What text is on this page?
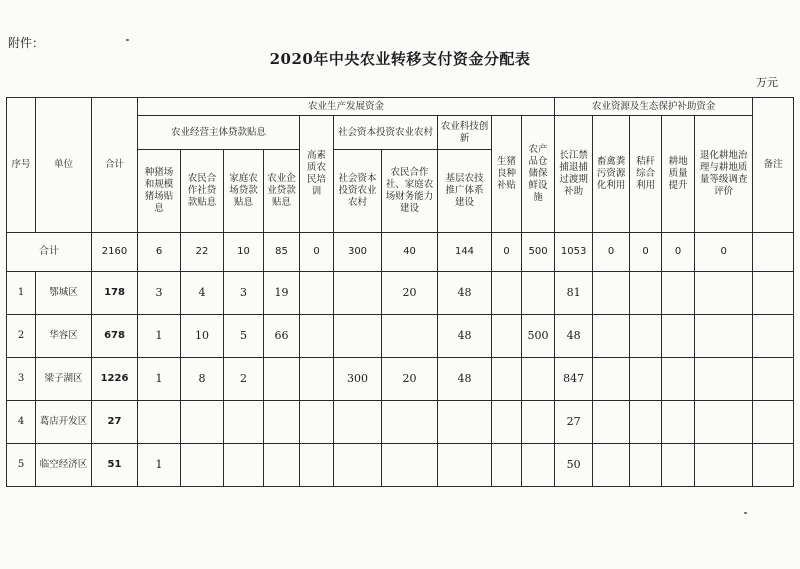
附件：
2020年中央农业转移支付资金分配表
万元
序号	单位	合计	农业生产发展资金										农业资源及生态保护补助资金					备注
			农业经营主体贷款贴息				高素质农民培训	社会资本投资农业农村		农业科技创新	生猪良种补贴	农产品仓储保鲜设施	长江禁捕退捕过渡期补助	畜禽粪污资源化利用	秸秆综合利用	耕地质量提升	退化耕地治理与耕地质量等级调查评价	

			种猪场和规模猪场贴息	农民合作社贷款贴息	家庭农场贷款贴息	农业企业贷款贴息		社会资本投资农业农村	农民合作社、家庭农场财务能力建设	基层农技推广体系建设								

合计		2160	6	22	10	85	0	300	40	144	0	500	1053	0	0	0	0	
1	鄂城区	178	3	4	3	19			20	48			81					
2	华容区	678	1	10	5	66				48		500	48					
3	梁子湖区	1226	1	8	2			300	20	48			847					
4	葛店开发区	27											27					
5	临空经济区	51	1										50					
